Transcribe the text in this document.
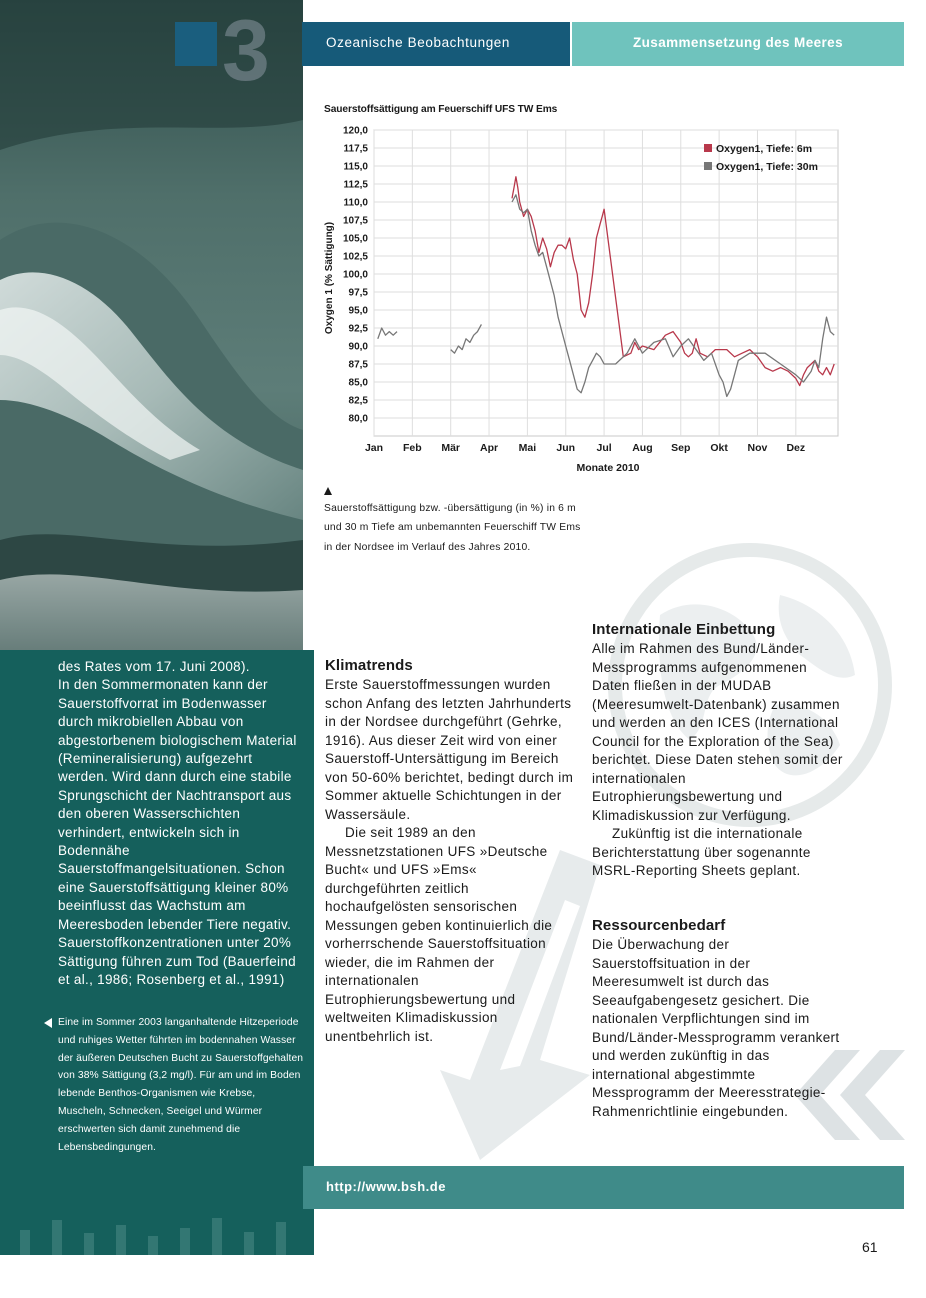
3	Ozeanische Beobachtungen	Zusammensetzung des Meeres
Sauerstoffsättigung am Feuerschiff UFS TW Ems
80,0
82,5
85,0
87,5
90,0
92,5
95,0
97,5
100,0
102,5
105,0
107,5
110,0
112,5
115,0
117,5
120,0
Jan Feb Mär Apr Mai Jun Jul Aug Sep Okt Nov Dez
Oxygen 1 (% Sättigung)
Monate 2010
Oxygen1, Tiefe: 6m
Oxygen1, Tiefe: 30m
Sauerstoffsättigung bzw. -übersättigung (in %) in 6 m und 30 m Tiefe am unbemannten Feuerschiff TW Ems in der Nordsee im Verlauf des Jahres 2010.

des Rates vom 17. Juni 2008).

In den Sommermonaten kann der Sauerstoffvorrat im Bodenwasser durch mikrobiellen Abbau von abgestorbenem biologischem Material (Remineralisierung) aufgezehrt werden. Wird dann durch eine stabile Sprungschicht der Nachtransport aus den oberen Wasserschichten verhindert, entwickeln sich in Bodennähe Sauerstoffmangelsituationen. Schon eine Sauerstoffsättigung kleiner 80% beeinflusst das Wachstum am Meeresboden lebender Tiere negativ. Sauerstoffkonzentrationen unter 20% Sättigung führen zum Tod (Bauerfeind et al., 1986; Rosenberg et al., 1991)

Eine im Sommer 2003 langanhaltende Hitzeperiode und ruhiges Wetter führten im bodennahen Wasser der äußeren Deutschen Bucht zu Sauerstoffgehalten von 38% Sättigung (3,2 mg/l). Für am und im Boden lebende Benthos-Organismen wie Krebse, Muscheln, Schnecken, Seeigel und Würmer erschwerten sich damit zunehmend die Lebensbedingungen.
Klimatrends

Erste Sauerstoffmessungen wurden schon Anfang des letzten Jahrhunderts in der Nordsee durchgeführt (Gehrke, 1916). Aus dieser Zeit wird von einer Sauerstoff-Untersättigung im Bereich von 50-60% berichtet, bedingt durch im Sommer aktuelle Schichtungen in der Wassersäule.

Die seit 1989 an den Messnetzstationen UFS »Deutsche Bucht« und UFS »Ems« durchgeführten zeitlich hochaufgelösten sensorischen Messungen geben kontinuierlich die vorherrschende Sauerstoffsituation wieder, die im Rahmen der internationalen Eutrophierungsbewertung und weltweiten Klimadiskussion unentbehrlich ist.

Internationale Einbettung

Alle im Rahmen des Bund/Länder-Messprogramms aufgenommenen Daten fließen in der MUDAB (Meeresumwelt-Datenbank) zusammen und werden an den ICES (International Council for the Exploration of the Sea) berichtet. Diese Daten stehen somit der internationalen Eutrophierungsbewertung und Klimadiskussion zur Verfügung.

Zukünftig ist die internationale Berichterstattung über sogenannte MSRL-Reporting Sheets geplant.

Ressourcenbedarf

Die Überwachung der Sauerstoffsituation in der Meeresumwelt ist durch das Seeaufgabengesetz gesichert. Die nationalen Verpflichtungen sind im Bund/Länder-Messprogramm verankert und werden zukünftig in das international abgestimmte Messprogramm der Meeresstrategie-Rahmenrichtlinie eingebunden.

http://www.bsh.de
61
